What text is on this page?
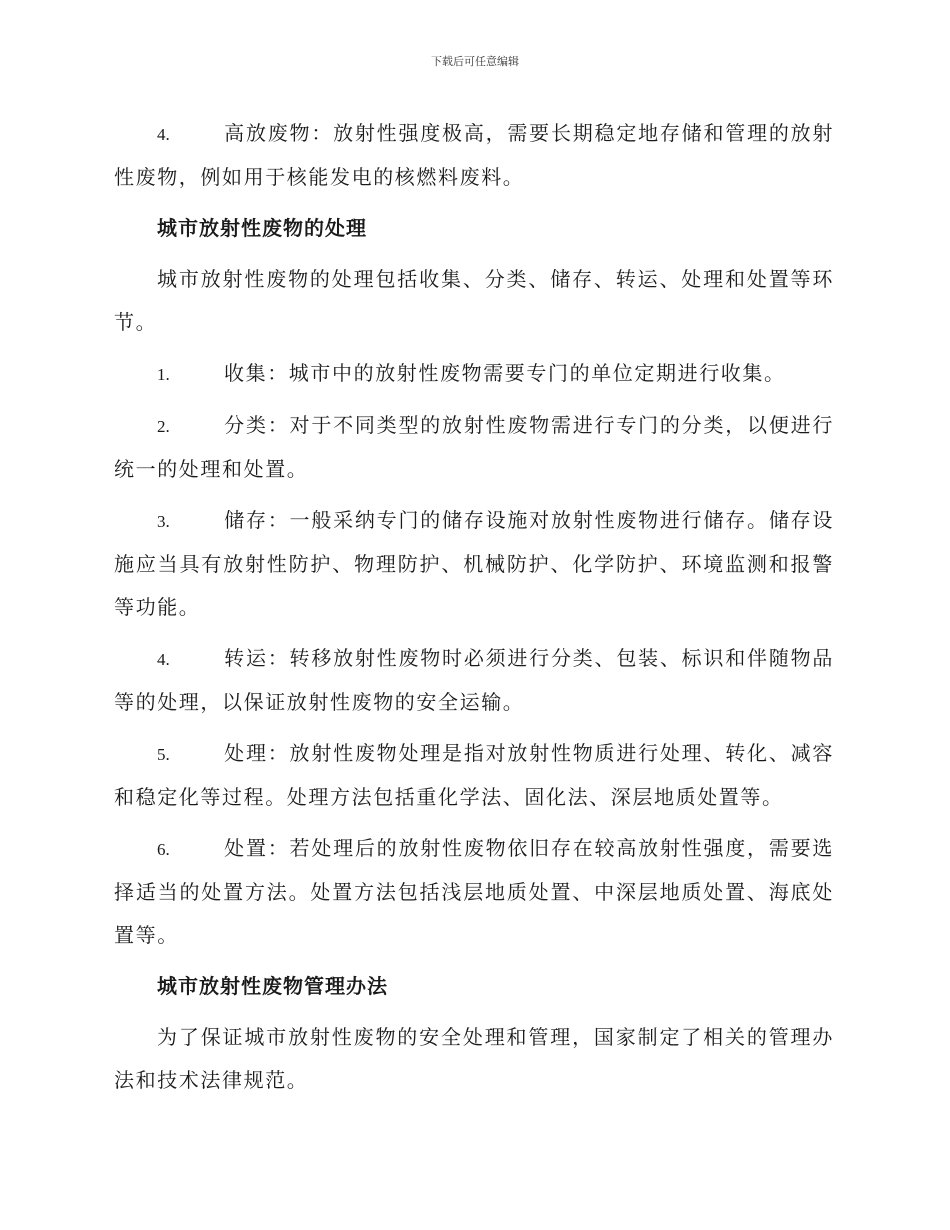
下载后可任意编辑

4.	高放废物：放射性强度极高，需要长期稳定地存储和管理的放射性废物，例如用于核能发电的核燃料废料。

城市放射性废物的处理

城市放射性废物的处理包括收集、分类、储存、转运、处理和处置等环节。

1.	收集：城市中的放射性废物需要专门的单位定期进行收集。

2.	分类：对于不同类型的放射性废物需进行专门的分类，以便进行统一的处理和处置。

3.	储存：一般采纳专门的储存设施对放射性废物进行储存。储存设施应当具有放射性防护、物理防护、机械防护、化学防护、环境监测和报警等功能。

4.	转运：转移放射性废物时必须进行分类、包装、标识和伴随物品等的处理，以保证放射性废物的安全运输。

5.	处理：放射性废物处理是指对放射性物质进行处理、转化、减容和稳定化等过程。处理方法包括重化学法、固化法、深层地质处置等。

6.	处置：若处理后的放射性废物依旧存在较高放射性强度，需要选择适当的处置方法。处置方法包括浅层地质处置、中深层地质处置、海底处置等。

城市放射性废物管理办法

为了保证城市放射性废物的安全处理和管理，国家制定了相关的管理办法和技术法律规范。
